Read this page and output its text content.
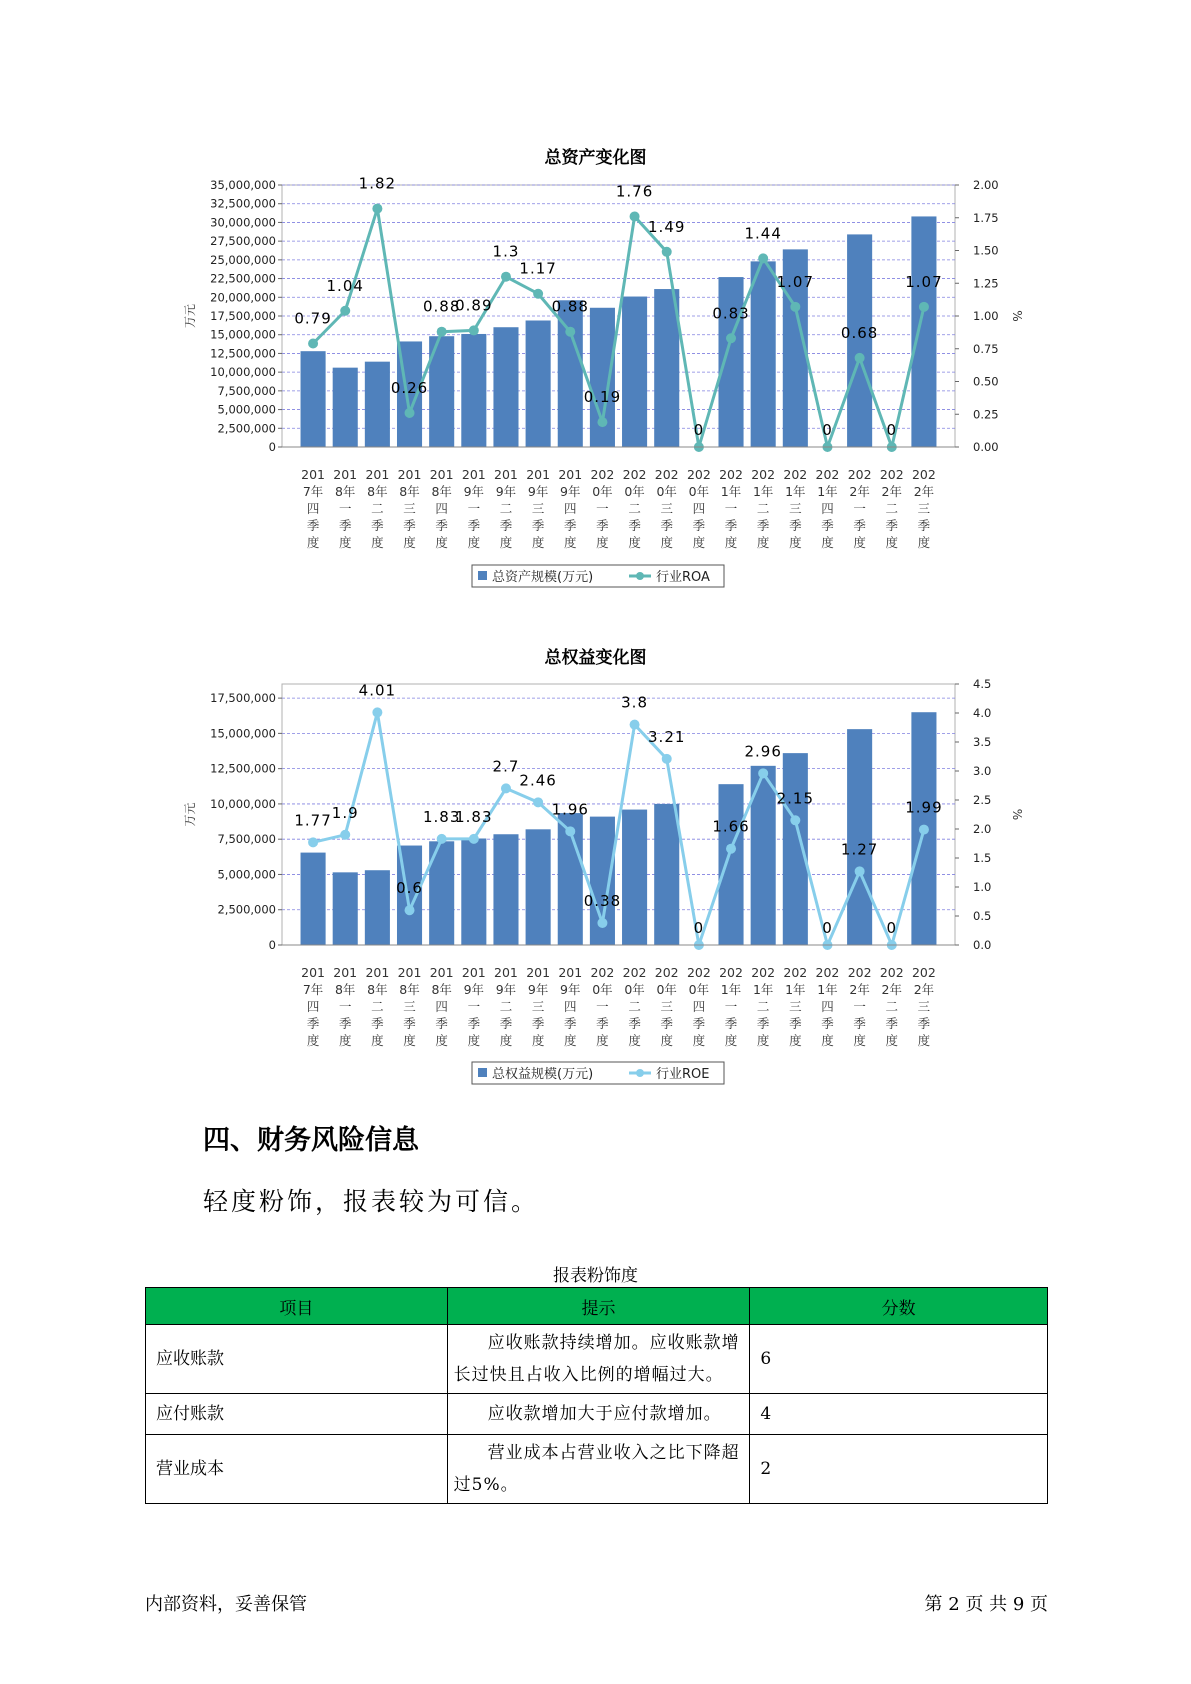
总资产变化图
0
2,500,000
5,000,000
7,500,000
10,000,000
12,500,000
15,000,000
17,500,000
20,000,000
22,500,000
25,000,000
27,500,000
30,000,000
32,500,000
35,000,000
0.00
0.25
0.50
0.75
1.00
1.25
1.50
1.75
2.00
万元	%
0.79
1.04
1.82
0.26
0.88
0.89
1.3
1.17
0.88
0.19
1.76
1.49
0
0.83
1.44
1.07
0
0.68
0
1.07
201
7年
四
季
度
201
8年
一
季
度
201
8年
二
季
度
201
8年
三
季
度
201
8年
四
季
度
201
9年
一
季
度
201
9年
二
季
度
201
9年
三
季
度
201
9年
四
季
度
202
0年
一
季
度
202
0年
二
季
度
202
0年
三
季
度
202
0年
四
季
度
202
1年
一
季
度
202
1年
二
季
度
202
1年
三
季
度
202
1年
四
季
度
202
2年
一
季
度
202
2年
二
季
度
202
2年
三
季
度
总资产规模(万元)	行业ROA
总权益变化图
0
2,500,000
5,000,000
7,500,000
10,000,000
12,500,000
15,000,000
17,500,000
0.0
0.5
1.0
1.5
2.0
2.5
3.0
3.5
4.0
4.5
万元	%
1.77 1.9
4.01
0.6
1.83
1.83
2.7
2.46
1.96
0.38
3.8
3.21
0
1.66
2.96
2.15
0
1.27
0
1.99
201
7年
四
季
度
201
8年
一
季
度
201
8年
二
季
度
201
8年
三
季
度
201
8年
四
季
度
201
9年
一
季
度
201
9年
二
季
度
201
9年
三
季
度
201
9年
四
季
度
202
0年
一
季
度
202
0年
二
季
度
202
0年
三
季
度
202
0年
四
季
度
202
1年
一
季
度
202
1年
二
季
度
202
1年
三
季
度
202
1年
四
季
度
202
2年
一
季
度
202
2年
二
季
度
202
2年
三
季
度
总权益规模(万元)	行业ROE
四、财务风险信息
轻度粉饰，报表较为可信。
报表粉饰度
项目	提示	分数
应收账款	应收账款持续增加。应收账款增长过快且占收入比例的增幅过大。	6
应付账款	应收款增加大于应付款增加。	4
营业成本	营业成本占营业收入之比下降超过5%。	2
内部资料，妥善保管	第 2 页 共 9 页
